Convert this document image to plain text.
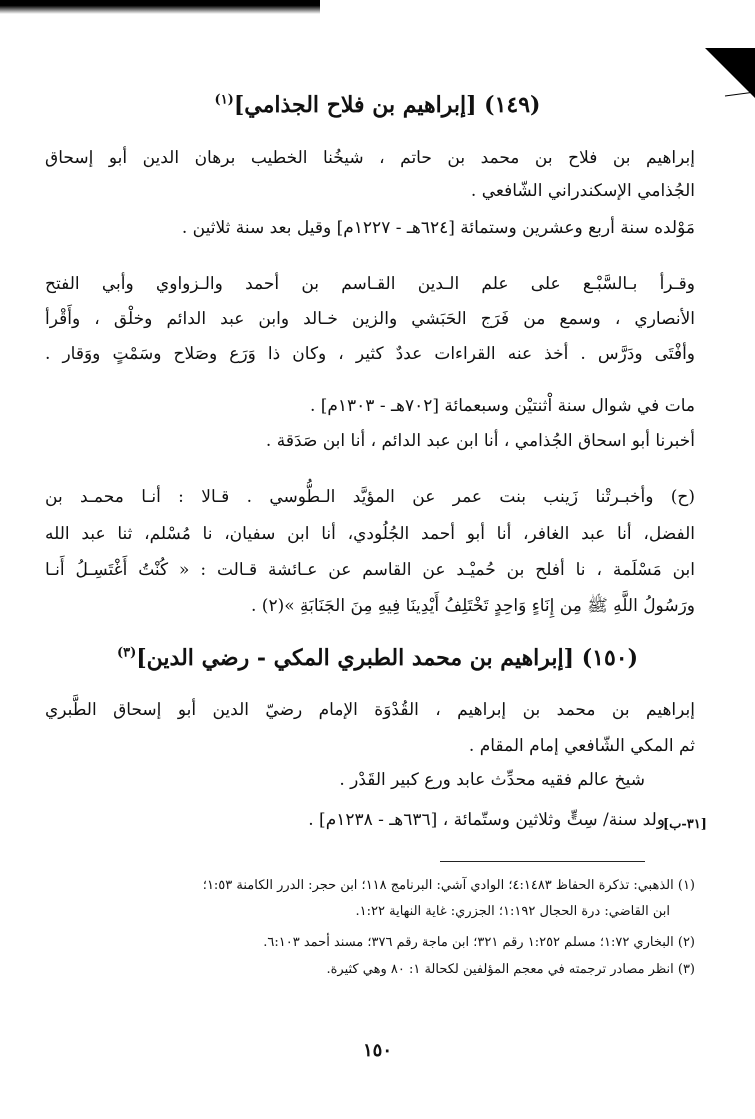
(١٤٩) [إبراهيم بن فلاح الجذامي]$^{(١)}$
إبراهيم بن فلاح بن محمد بن حاتم ، شيخُنا الخطيب برهان الدين أبو إسحاق
الجُذامي الإسكندراني الشّافعي .
مَوْلده سنة أربع وعشرين وستمائة [٦٢٤هـ - ١٢٢٧م] وقيل بعد سنة ثلاثين .
وقـرأ بـالسَّبْـع على علم الـدين القـاسم بن أحمد والـزواوي وأبي الفتح
الأنصاري ، وسمع من فَرَج الحَبَشي والزين خـالد وابن عبد الدائم وخلْق ، وأَقْرأ
وأفْتَى ودَرَّس . أخذ عنه القراءات عددٌ كثير ، وكان ذا وَرَع وصَلاح وسَمْتٍ ووَقار .
مات في شوال سنة اْثنتيْن وسبعمائة [٧٠٢هـ - ١٣٠٣م] .
أخبرنا أبو اسحاق الجُذامي ، أنا ابن عبد الدائم ، أنا ابن صَدَقة .
(ح) وأخبـرتْنا زَينب بنت عمر عن المؤيَّد الـطُّوسي . قـالا : أنـا محمـد بن
الفضل، أنا عبد الغافر، أنا أبو أحمد الجُلُودي، أنا ابن سفيان، نا مُسْلم، ثنا عبد الله
ابن مَسْلَمة ، نا أفلح بن حُميْـد عن القاسم عن عـائشة قـالت : « كُنْتُ أَغْتَسِـلُ أَنـا
ورَسُولُ اللَّهِ ﷺ مِن إِنَاءٍ وَاحِدٍ تَخْتَلِفُ أَيْدِينَا فِيهِ مِنَ الجَنَابَةِ »(٢) .
(١٥٠) [إبراهيم بن محمد الطبري المكي - رضي الدين]$^{(٣)}$
إبراهيم بن محمد بن إبراهيم ، القُدْوَة الإمام رضيّ الدين أبو إسحاق الطَّبري
ثم المكي الشّافعي إمام المقام .
شيخ عالم فقيه محدِّث عابد ورع كبير القَدْر .
ولد سنة/ سِتٍّ وثلاثين وستّمائة ، [٦٣٦هـ - ١٢٣٨م] .
[٣١-ب]
(١) الذهبي: تذكرة الحفاظ ٤:١٤٨٣؛ الوادي آشي: البرنامج ١١٨؛ ابن حجر: الدرر الكامنة ١:٥٣؛
ابن القاضي: درة الحجال ١:١٩٢؛ الجزري: غاية النهاية ١:٢٢.
(٢) البخاري ١:٧٢؛ مسلم ١:٢٥٢ رقم ٣٢١؛ ابن ماجة رقم ٣٧٦؛ مسند أحمد ٦:١٠٣.
(٣) انظر مصادر ترجمته في معجم المؤلفين لكحالة ١: ٨٠ وهي كثيرة.
١٥٠
